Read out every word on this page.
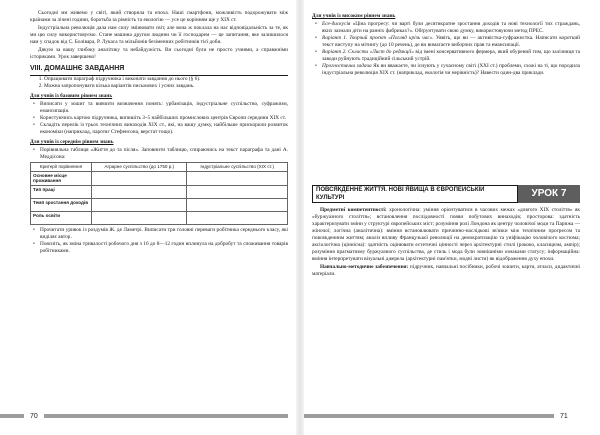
Сьогодні ми живемо у світі, який створила та епоха. Наші смартфони, можливість подорожувати між країнами за лічені години, боротьба за рівність та екологію — усе це корінням ще у XIX ст.

Індустріальна революція дала нам силу змінювати світ, але вона ж поклала на нас відповідальність за те, як ми цю силу використовуємо. Стане машина другом людини чи її господарем — це запитання, яке залишилося нам у спадок від С. Болівара, Р. Лукаса та мільйонів безіменних робітників тієї доби.

Дякую за вашу глибоку аналітику та небайдужість. Ви сьогодні були не просто учнями, а справжніми істориками. Урок завершено!

VIII. ДОМАШНЄ ЗАВДАННЯ
1. Опрацювати параграф підручника і виконати завдання до нього (§ 6).
2. Можна запропонувати кілька варіантів письмових і усних завдань.
Для учнів із базовим рівнем знань
• Виписати у зошит та вивчити визначення понять: урбанізація, індустріальне суспільство, суфражизм, емансипація.
• Користуючись картою підручника, випишіть 3–5 найбільших промислових центрів Європи середини XIX ст.
• Складіть перелік із трьох технічних винаходів XIX ст., які, на вашу думку, найбільше прискорили розвиток економіки (наприклад, паротяг Стефенсона, верстат тощо).
Для учнів із середнім рівнем знань
• Порівняльна таблиця «Життя до та після». Заповнити таблицю, спираючись на текст параграфа та дані А. Меддісона:
Критерії порівняння	Аграрне суспільство (до 1750 р.)	Індустріальне суспільство (XIX ст.)
Основне місце проживання		
Тип праці		
Темп зростання доходів		
Роль освіти		
• Прочитати уривок із роздумів Ж. де Ламетрі. Виписати три головні переваги робітника середнього класу, які виділяє автор.
• Поясніть, як зміна тривалості робочого дня з 16 до 8—12 годин вплинула на добробут та споживання товарів робітниками.
70
Для учнів із високим рівнем знань
• Есе-дискусія «Ціна прогресу: чи варті були десятикратне зростання доходів та нові технології тих страждань, яких зазнали діти на ранніх фабриках?». Обґрунтувати свою думку, використовуючи метод ПРЕС.
• Варіант 1. Творчий проєкт «Погляд крізь час». Уявіть, що ви — активістка-суфражистка. Написати короткий текст виступу на мітингу (до 10 речень), де ви вимагаєте виборчих прав та емансипації.
• Варіант 2. Скласти «Лист до редакції» від імені консервативного фермера, який обурений тим, що залізниця та заводи руйнують традиційний сільський устрій.
• Прогностична задача Як ви вважаєте, чи існують у сучасному світі (XXI ст.) проблеми, схожі на ті, що породила індустріальна революція XIX ст. (наприклад, екологія чи нерівність)? Навести один-два приклади.
ПОВСЯКДЕННЕ ЖИТТЯ. НОВІ ЯВИЩА В ЄВРОПЕЙСЬКІЙ КУЛЬТУРІ	УРОК 7

Предметні компетентності: хронологічна: уміння орієнтуватися в часових межах «довгого XIX століття» як «буржуазного століття»; встановлення послідовності появи побутових винаходів; просторова: здатність характеризувати зміни у структурі європейських міст; розуміння ролі Лондона як центру чоловічої моди та Парижа — жіночої; логічна (аналітична): вміння встановлювати причинно-наслідкові зв'язки між технічним прогресом та повсякденним життям; аналіз впливу Французької революції на демократизацію та уніфікацію чоловічого костюма; аксіологічна (ціннісна): здатність оцінювати естетичні цінності через архітектурні стилі (рококо, класицизм, ампір); розуміння прагматизму буржуазного суспільства, де стиль і мода були зовнішніми ознаками статусу; інформаційна: вміння інтерпретувати візуальні джерела (архітектурні пам'ятки, модні листи) як відображення духу епохи.

Навчально-методичне забезпечення: підручник, навчальні посібники, робочі зошити, карти, атласи, дидактичні матеріали.

71
